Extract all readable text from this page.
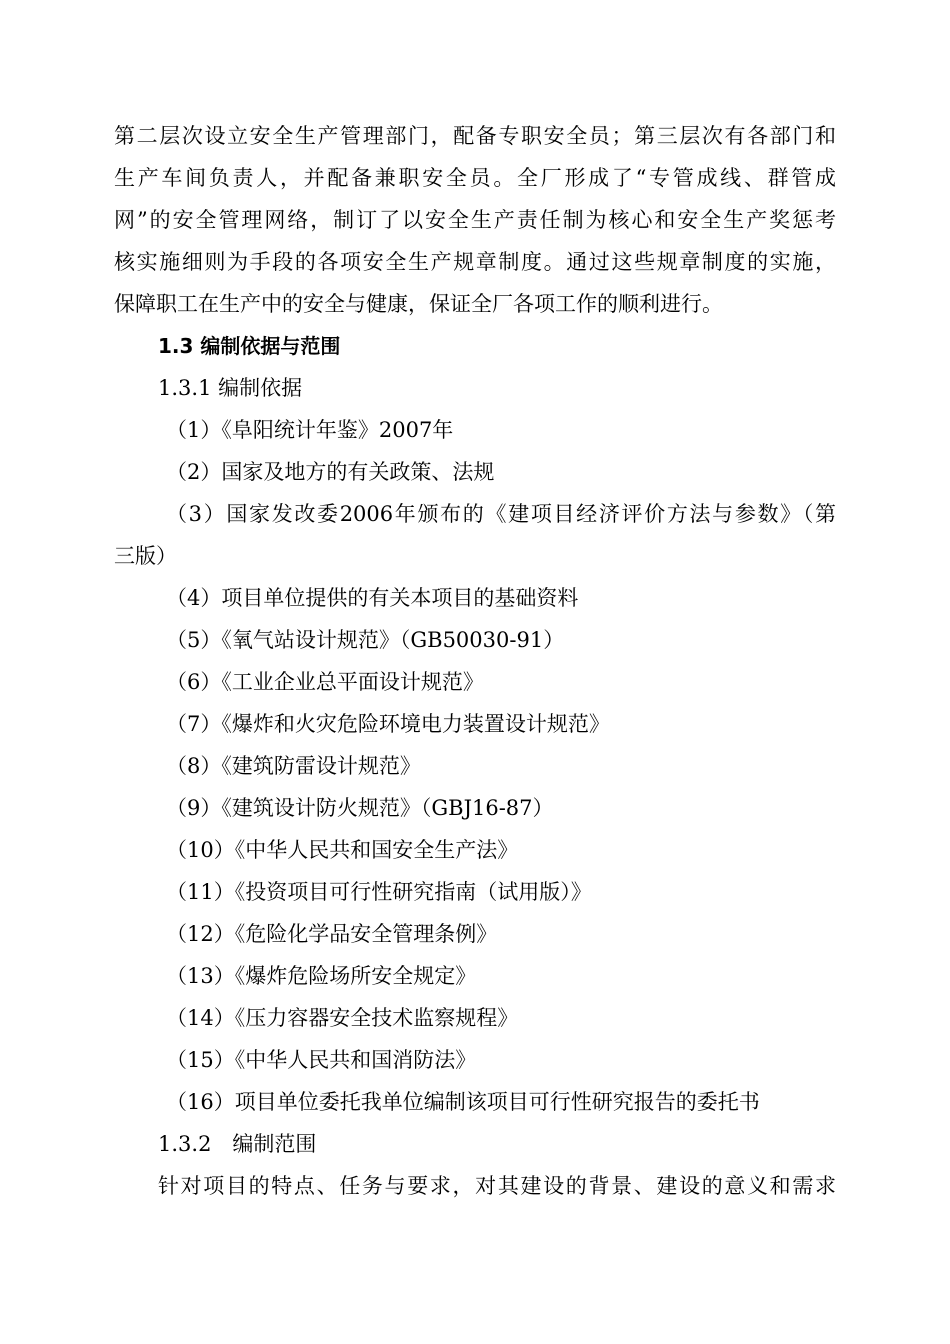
第二层次设立安全生产管理部门，配备专职安全员；第三层次有各部门和
生产车间负责人，并配备兼职安全员。全厂形成了“专管成线、群管成
网”的安全管理网络，制订了以安全生产责任制为核心和安全生产奖惩考
核实施细则为手段的各项安全生产规章制度。通过这些规章制度的实施，
保障职工在生产中的安全与健康，保证全厂各项工作的顺利进行。
1.3 编制依据与范围
1.3.1 编制依据
（1）《阜阳统计年鉴》2007年
（2）国家及地方的有关政策、法规
（3）国家发改委2006年颁布的《建项目经济评价方法与参数》（第
三版）
（4）项目单位提供的有关本项目的基础资料
（5）《氧气站设计规范》（GB50030-91）
（6）《工业企业总平面设计规范》
（7）《爆炸和火灾危险环境电力装置设计规范》
（8）《建筑防雷设计规范》
（9）《建筑设计防火规范》（GBJ16-87）
（10）《中华人民共和国安全生产法》
（11）《投资项目可行性研究指南（试用版）》
（12）《危险化学品安全管理条例》
（13）《爆炸危险场所安全规定》
（14）《压力容器安全技术监察规程》
（15）《中华人民共和国消防法》
（16）项目单位委托我单位编制该项目可行性研究报告的委托书
1.3.2　编制范围
针对项目的特点、任务与要求，对其建设的背景、建设的意义和需求
